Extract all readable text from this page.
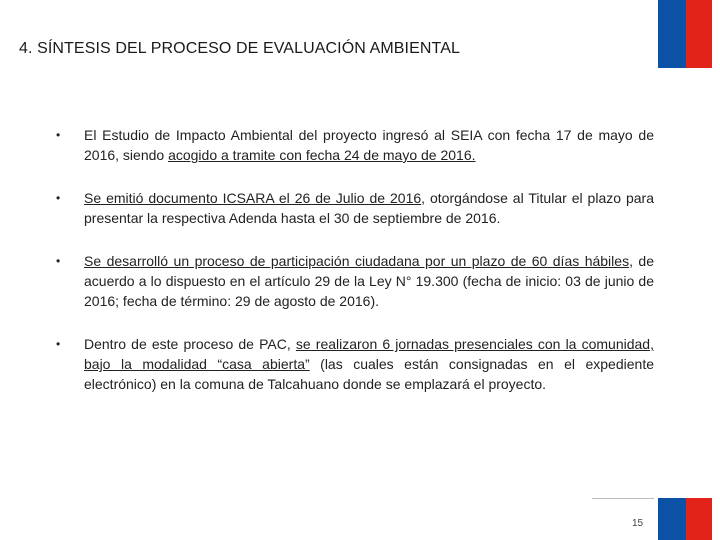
4. SÍNTESIS DEL PROCESO DE EVALUACIÓN AMBIENTAL
• El Estudio de Impacto Ambiental del proyecto ingresó al SEIA con fecha 17 de mayo de 2016, siendo acogido a tramite con fecha 24 de mayo de 2016.
• Se emitió documento ICSARA el 26 de Julio de 2016, otorgándose al Titular el plazo para presentar la respectiva Adenda hasta el 30 de septiembre de 2016.
• Se desarrolló un proceso de participación ciudadana por un plazo de 60 días hábiles, de acuerdo a lo dispuesto en el artículo 29 de la Ley N° 19.300 (fecha de inicio: 03 de junio de 2016; fecha de término: 29 de agosto de 2016).
• Dentro de este proceso de PAC, se realizaron 6 jornadas presenciales con la comunidad, bajo la modalidad “casa abierta” (las cuales están consignadas en el expediente electrónico) en la comuna de Talcahuano donde se emplazará el proyecto.
15
